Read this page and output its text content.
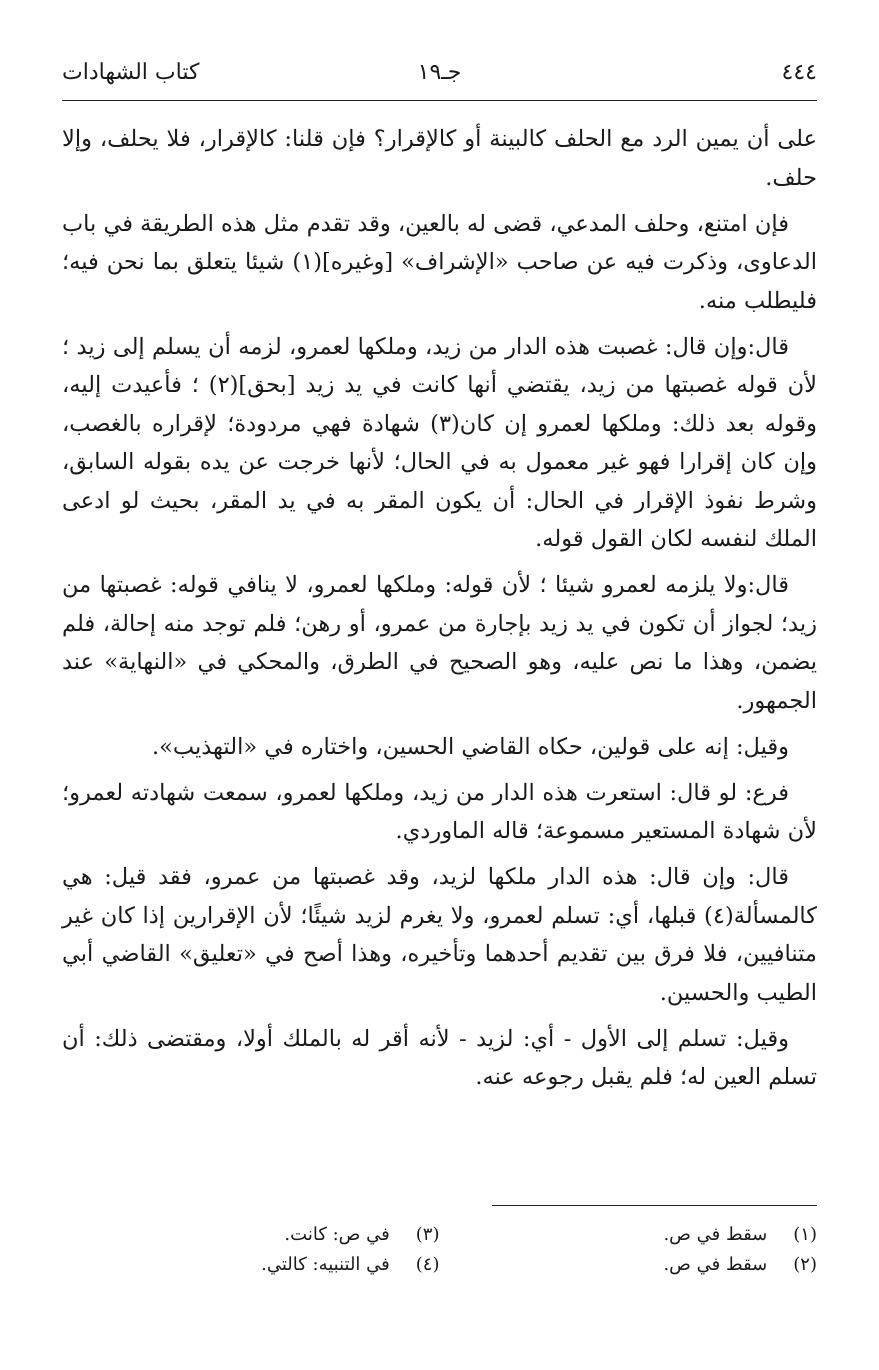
٤٤٤
جـ١٩
كتاب الشهادات

على أن يمين الرد مع الحلف كالبينة أو كالإقرار؟ فإن قلنا: كالإقرار، فلا يحلف، وإلا حلف.

فإن امتنع، وحلف المدعي، قضى له بالعين، وقد تقدم مثل هذه الطريقة في باب الدعاوى، وذكرت فيه عن صاحب «الإشراف» [وغيره](١) شيئا يتعلق بما نحن فيه؛ فليطلب منه.

قال:وإن قال: غصبت هذه الدار من زيد، وملكها لعمرو، لزمه أن يسلم إلى زيد ؛ لأن قوله غصبتها من زيد، يقتضي أنها كانت في يد زيد [بحق](٢) ؛ فأعيدت إليه، وقوله بعد ذلك: وملكها لعمرو إن كان(٣) شهادة فهي مردودة؛ لإقراره بالغصب، وإن كان إقرارا فهو غير معمول به في الحال؛ لأنها خرجت عن يده بقوله السابق، وشرط نفوذ الإقرار في الحال: أن يكون المقر به في يد المقر، بحيث لو ادعى الملك لنفسه لكان القول قوله.

قال:ولا يلزمه لعمرو شيئا ؛ لأن قوله: وملكها لعمرو، لا ينافي قوله: غصبتها من زيد؛ لجواز أن تكون في يد زيد بإجارة من عمرو، أو رهن؛ فلم توجد منه إحالة، فلم يضمن، وهذا ما نص عليه، وهو الصحيح في الطرق، والمحكي في «النهاية» عند الجمهور.

وقيل: إنه على قولين، حكاه القاضي الحسين، واختاره في «التهذيب».

فرع: لو قال: استعرت هذه الدار من زيد، وملكها لعمرو، سمعت شهادته لعمرو؛ لأن شهادة المستعير مسموعة؛ قاله الماوردي.

قال: وإن قال: هذه الدار ملكها لزيد، وقد غصبتها من عمرو، فقد قيل: هي كالمسألة(٤) قبلها، أي: تسلم لعمرو، ولا يغرم لزيد شيئًا؛ لأن الإقرارين إذا كان غير متنافيين، فلا فرق بين تقديم أحدهما وتأخيره، وهذا أصح في «تعليق» القاضي أبي الطيب والحسين.

وقيل: تسلم إلى الأول - أي: لزيد - لأنه أقر له بالملك أولا، ومقتضى ذلك: أن تسلم العين له؛ فلم يقبل رجوعه عنه.

(١) سقط في ص.
(٣) في ص: كانت.
(٢) سقط في ص.
(٤) في التنبيه: كالتي.
